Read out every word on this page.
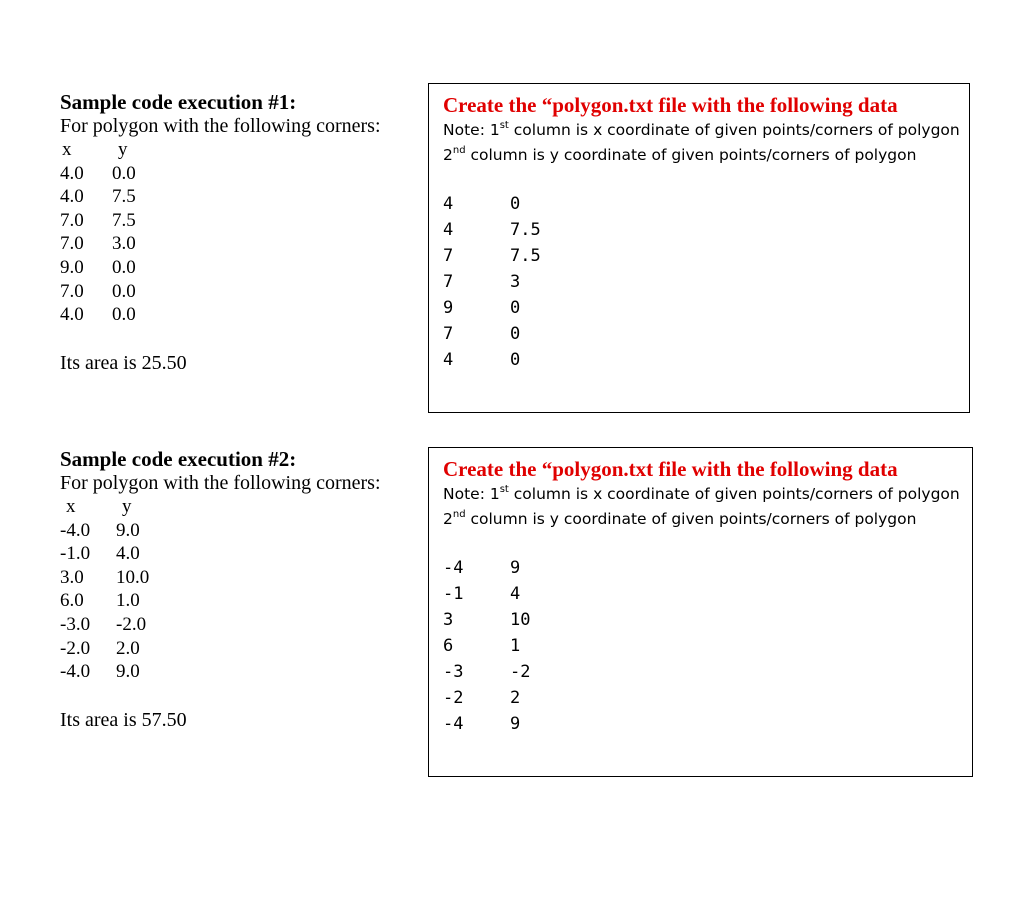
Sample code execution #1:
For polygon with the following corners:
x	y
4.0	0.0
4.0	7.5
7.0	7.5
7.0	3.0
9.0	0.0
7.0	0.0
4.0	0.0
Its area is 25.50
Create the “polygon.txt file with the following data
Note: 1st column is x coordinate of given points/corners of polygon
2nd column is y coordinate of given points/corners of polygon
4	0
4	7.5
7	7.5
7	3
9	0
7	0
4	0
Sample code execution #2:
For polygon with the following corners:
x	y
-4.0	9.0
-1.0	4.0
3.0	10.0
6.0	1.0
-3.0	-2.0
-2.0	2.0
-4.0	9.0
Its area is 57.50
Create the “polygon.txt file with the following data
Note: 1st column is x coordinate of given points/corners of polygon
2nd column is y coordinate of given points/corners of polygon
-4	9
-1	4
3	10
6	1
-3	-2
-2	2
-4	9
